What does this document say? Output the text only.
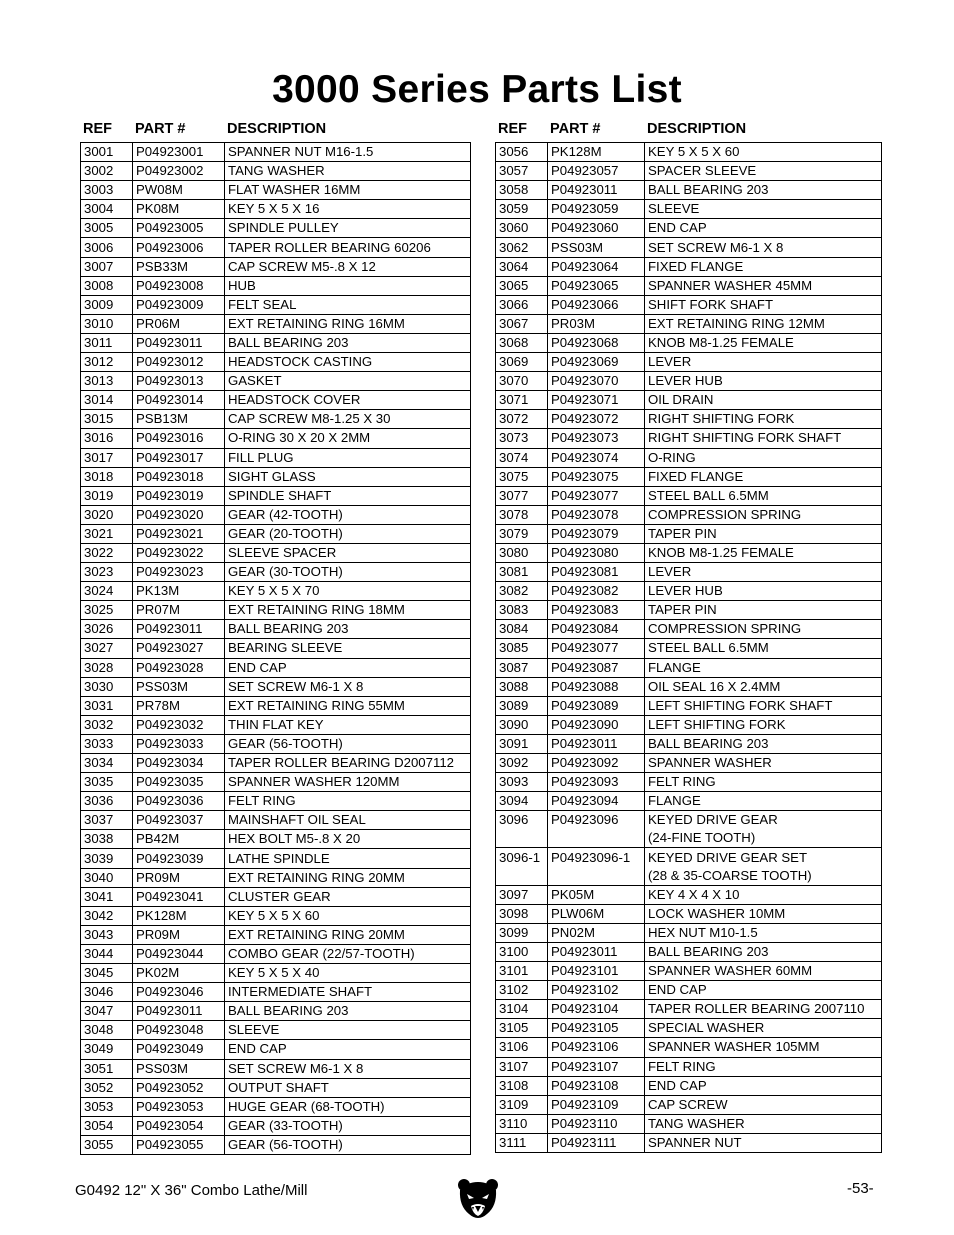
3000 Series Parts List
REF PART #	DESCRIPTION	REF PART #	DESCRIPTION
3001	P04923001	SPANNER NUT M16-1.5
3002	P04923002	TANG WASHER
3003	PW08M	FLAT WASHER 16MM
3004	PK08M	KEY 5 X 5 X 16
3005	P04923005	SPINDLE PULLEY
3006	P04923006	TAPER ROLLER BEARING 60206
3007	PSB33M	CAP SCREW M5-.8 X 12
3008	P04923008	HUB
3009	P04923009	FELT SEAL
3010	PR06M	EXT RETAINING RING 16MM
3011	P04923011	BALL BEARING 203
3012	P04923012	HEADSTOCK CASTING
3013	P04923013	GASKET
3014	P04923014	HEADSTOCK COVER
3015	PSB13M	CAP SCREW M8-1.25 X 30
3016	P04923016	O-RING 30 X 20 X 2MM
3017	P04923017	FILL PLUG
3018	P04923018	SIGHT GLASS
3019	P04923019	SPINDLE SHAFT
3020	P04923020	GEAR (42-TOOTH)
3021	P04923021	GEAR (20-TOOTH)
3022	P04923022	SLEEVE SPACER
3023	P04923023	GEAR (30-TOOTH)
3024	PK13M	KEY 5 X 5 X 70
3025	PR07M	EXT RETAINING RING 18MM
3026	P04923011	BALL BEARING 203
3027	P04923027	BEARING SLEEVE
3028	P04923028	END CAP
3030	PSS03M	SET SCREW M6-1 X 8
3031	PR78M	EXT RETAINING RING 55MM
3032	P04923032	THIN FLAT KEY
3033	P04923033	GEAR (56-TOOTH)
3034	P04923034	TAPER ROLLER BEARING D2007112
3035	P04923035	SPANNER WASHER 120MM
3036	P04923036	FELT RING
3037	P04923037	MAINSHAFT OIL SEAL
3038	PB42M	HEX BOLT M5-.8 X 20
3039	P04923039	LATHE SPINDLE
3040	PR09M	EXT RETAINING RING 20MM
3041	P04923041	CLUSTER GEAR
3042	PK128M	KEY 5 X 5 X 60
3043	PR09M	EXT RETAINING RING 20MM
3044	P04923044	COMBO GEAR (22/57-TOOTH)
3045	PK02M	KEY 5 X 5 X 40
3046	P04923046	INTERMEDIATE SHAFT
3047	P04923011	BALL BEARING 203
3048	P04923048	SLEEVE
3049	P04923049	END CAP
3051	PSS03M	SET SCREW M6-1 X 8
3052	P04923052	OUTPUT SHAFT
3053	P04923053	HUGE GEAR (68-TOOTH)
3054	P04923054	GEAR (33-TOOTH)
3055	P04923055	GEAR (56-TOOTH)
3056	PK128M	KEY 5 X 5 X 60
3057	P04923057	SPACER SLEEVE
3058	P04923011	BALL BEARING 203
3059	P04923059	SLEEVE
3060	P04923060	END CAP
3062	PSS03M	SET SCREW M6-1 X 8
3064	P04923064	FIXED FLANGE
3065	P04923065	SPANNER WASHER 45MM
3066	P04923066	SHIFT FORK SHAFT
3067	PR03M	EXT RETAINING RING 12MM
3068	P04923068	KNOB M8-1.25 FEMALE
3069	P04923069	LEVER
3070	P04923070	LEVER HUB
3071	P04923071	OIL DRAIN
3072	P04923072	RIGHT SHIFTING FORK
3073	P04923073	RIGHT SHIFTING FORK SHAFT
3074	P04923074	O-RING
3075	P04923075	FIXED FLANGE
3077	P04923077	STEEL BALL 6.5MM
3078	P04923078	COMPRESSION SPRING
3079	P04923079	TAPER PIN
3080	P04923080	KNOB M8-1.25 FEMALE
3081	P04923081	LEVER
3082	P04923082	LEVER HUB
3083	P04923083	TAPER PIN
3084	P04923084	COMPRESSION SPRING
3085	P04923077	STEEL BALL 6.5MM
3087	P04923087	FLANGE
3088	P04923088	OIL SEAL 16 X 2.4MM
3089	P04923089	LEFT SHIFTING FORK SHAFT
3090	P04923090	LEFT SHIFTING FORK
3091	P04923011	BALL BEARING 203
3092	P04923092	SPANNER WASHER
3093	P04923093	FELT RING
3094	P04923094	FLANGE
3096	P04923096	KEYED DRIVE GEAR
		(24-FINE TOOTH)
3096-1	P04923096-1	KEYED DRIVE GEAR SET
		(28 & 35-COARSE TOOTH)
3097	PK05M	KEY 4 X 4 X 10
3098	PLW06M	LOCK WASHER 10MM
3099	PN02M	HEX NUT M10-1.5
3100	P04923011	BALL BEARING 203
3101	P04923101	SPANNER WASHER 60MM
3102	P04923102	END CAP
3104	P04923104	TAPER ROLLER BEARING 2007110
3105	P04923105	SPECIAL WASHER
3106	P04923106	SPANNER WASHER 105MM
3107	P04923107	FELT RING
3108	P04923108	END CAP
3109	P04923109	CAP SCREW
3110	P04923110	TANG WASHER
3111	P04923111	SPANNER NUT
G0492 12" X 36" Combo Lathe/Mill	-53-
